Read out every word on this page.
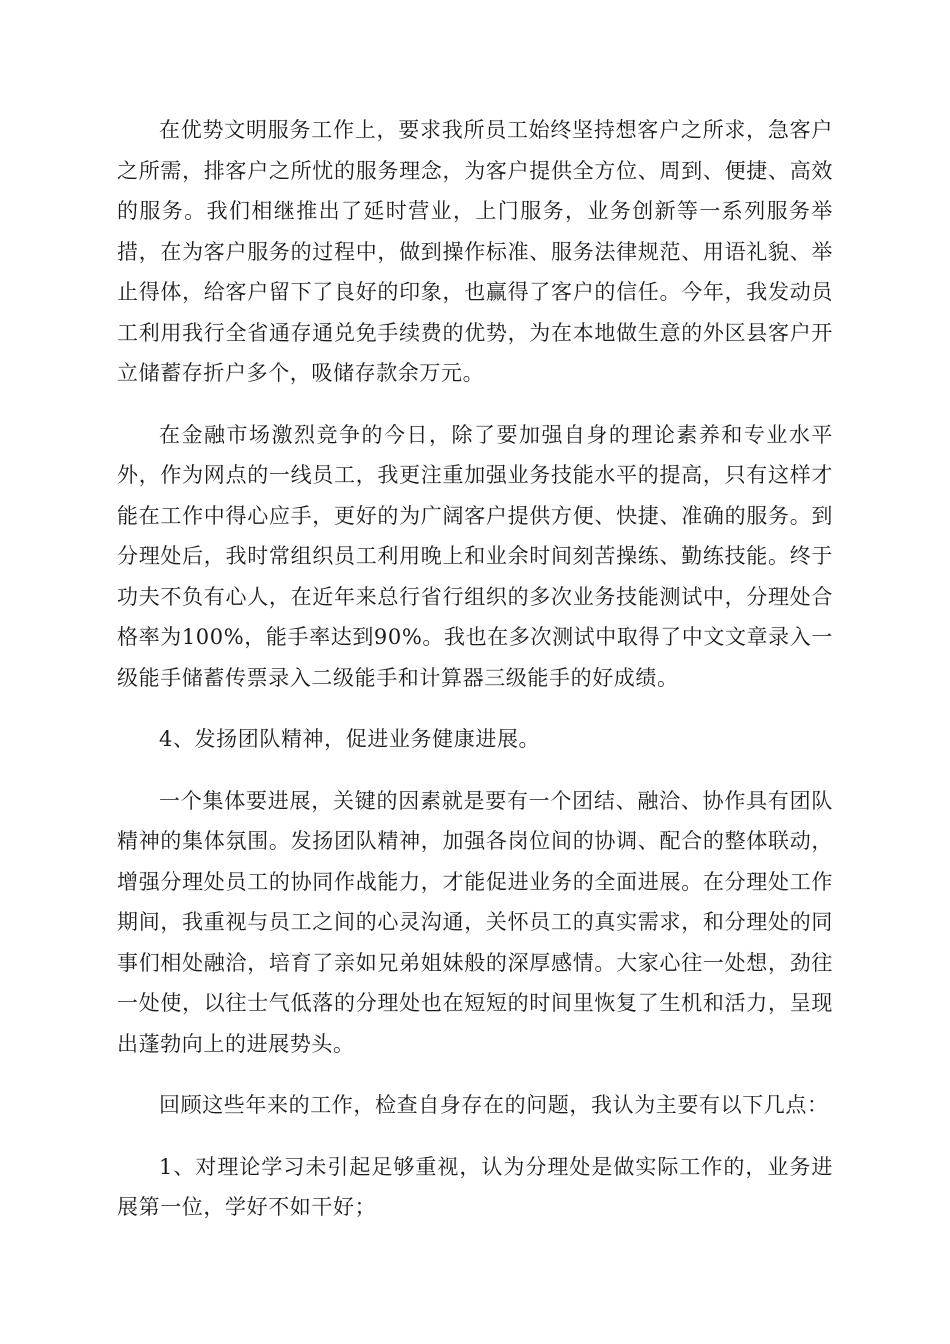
在优势文明服务工作上，要求我所员工始终坚持想客户之所求，急客户之所需，排客户之所忧的服务理念，为客户提供全方位、周到、便捷、高效的服务。我们相继推出了延时营业，上门服务，业务创新等一系列服务举措，在为客户服务的过程中，做到操作标准、服务法律规范、用语礼貌、举止得体，给客户留下了良好的印象，也赢得了客户的信任。今年，我发动员工利用我行全省通存通兑免手续费的优势，为在本地做生意的外区县客户开立储蓄存折户多个，吸储存款余万元。

在金融市场激烈竞争的今日，除了要加强自身的理论素养和专业水平外，作为网点的一线员工，我更注重加强业务技能水平的提高，只有这样才能在工作中得心应手，更好的为广阔客户提供方便、快捷、准确的服务。到分理处后，我时常组织员工利用晚上和业余时间刻苦操练、勤练技能。终于功夫不负有心人，在近年来总行省行组织的多次业务技能测试中，分理处合格率为100%，能手率达到90%。我也在多次测试中取得了中文文章录入一级能手储蓄传票录入二级能手和计算器三级能手的好成绩。

4、发扬团队精神，促进业务健康进展。

一个集体要进展，关键的因素就是要有一个团结、融洽、协作具有团队精神的集体氛围。发扬团队精神，加强各岗位间的协调、配合的整体联动，增强分理处员工的协同作战能力，才能促进业务的全面进展。在分理处工作期间，我重视与员工之间的心灵沟通，关怀员工的真实需求，和分理处的同事们相处融洽，培育了亲如兄弟姐妹般的深厚感情。大家心往一处想，劲往一处使，以往士气低落的分理处也在短短的时间里恢复了生机和活力，呈现出蓬勃向上的进展势头。

回顾这些年来的工作，检查自身存在的问题，我认为主要有以下几点：

1、对理论学习未引起足够重视，认为分理处是做实际工作的，业务进展第一位，学好不如干好；
